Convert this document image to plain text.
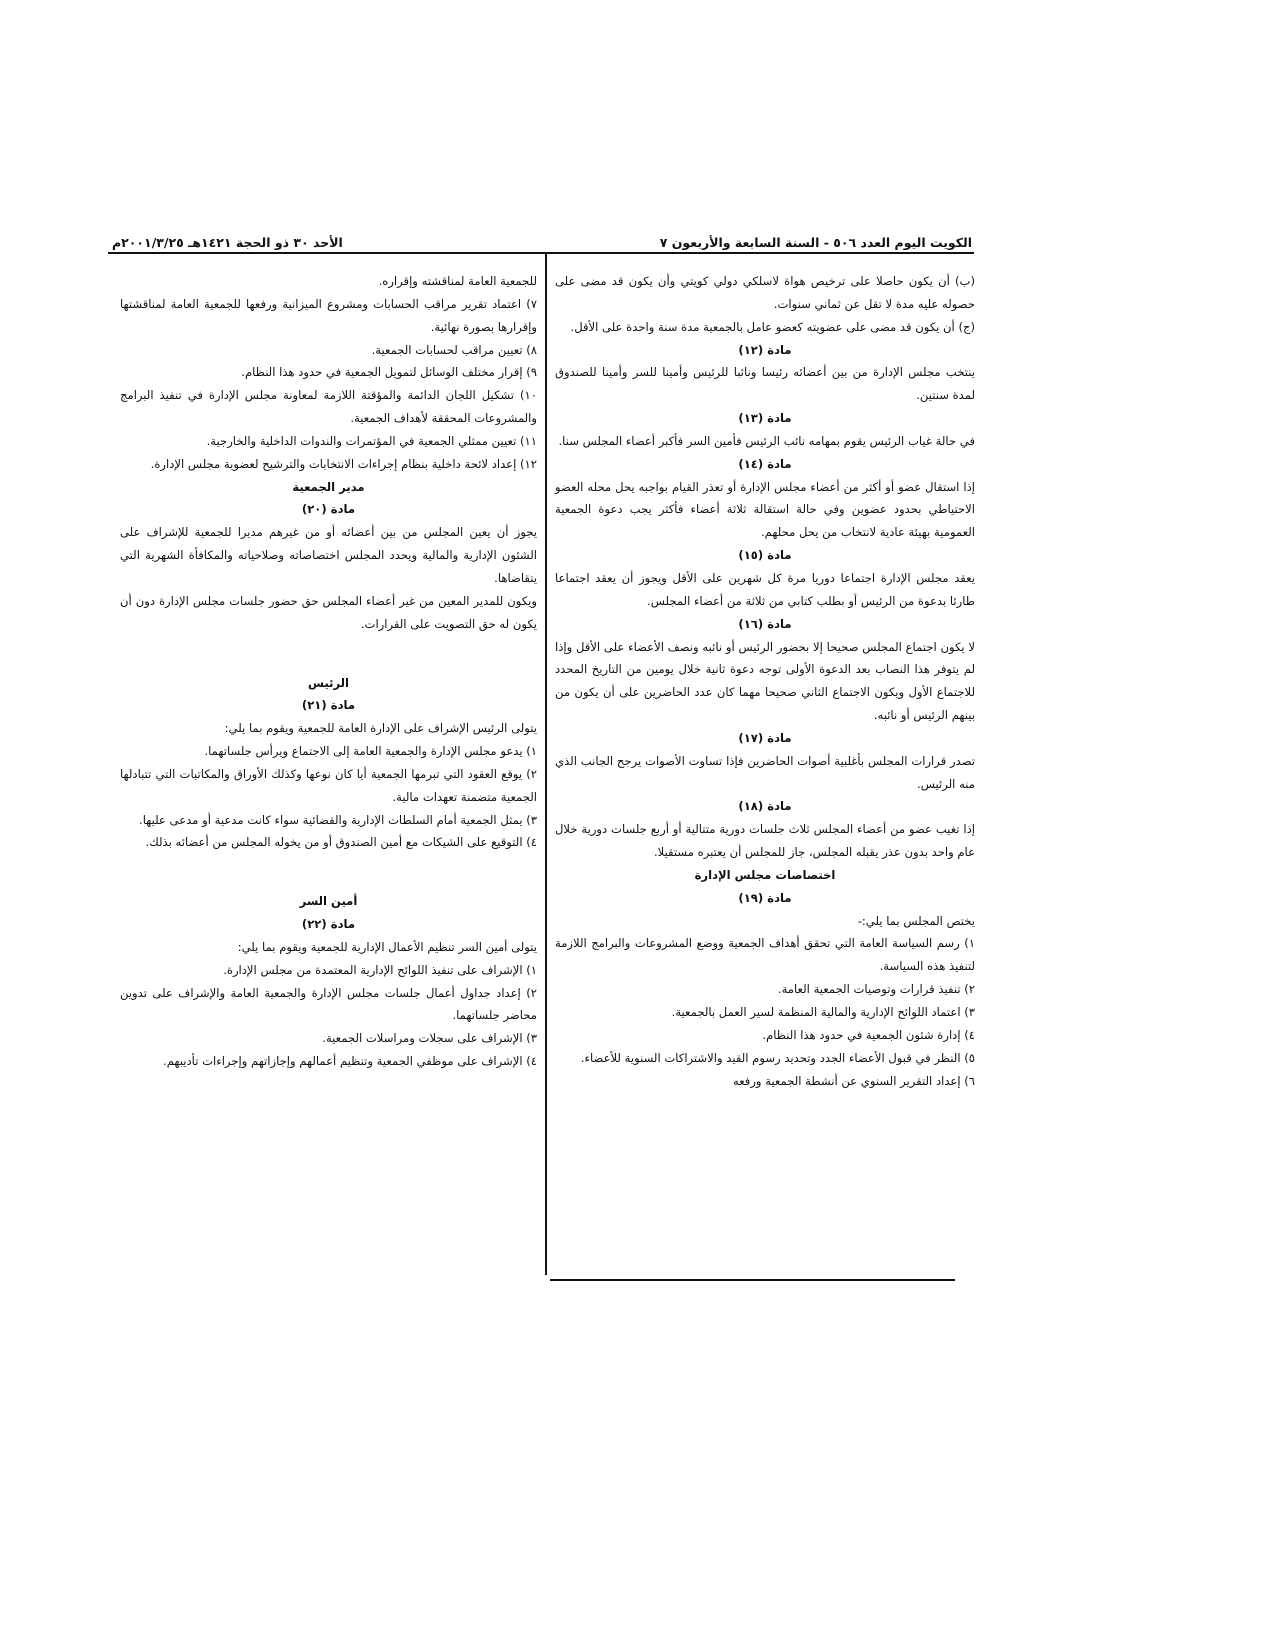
الكويت اليوم العدد ٥٠٦ - السنة السابعة والأربعون ٧
الأحد ٣٠ ذو الحجة ١٤٢١هـ ٢٠٠١/٣/٢٥م

(ب) أن يكون حاصلا على ترخيص هواة لاسلكي دولي كويتي وأن يكون قد مضى على حصوله عليه مدة لا تقل عن ثماني سنوات.

(ج) أن يكون قد مضى على عضويته كعضو عامل بالجمعية مدة سنة واحدة على الأقل.

مادة (١٢)

ينتخب مجلس الإدارة من بين أعضائه رئيسا ونائبا للرئيس وأمينا للسر وأمينا للصندوق لمدة سنتين.

مادة (١٣)

في حالة غياب الرئيس يقوم بمهامه نائب الرئيس فأمين السر فأكبر أعضاء المجلس سنا.

مادة (١٤)

إذا استقال عضو أو أكثر من أعضاء مجلس الإدارة أو تعذر القيام بواجبه يحل محله العضو الاحتياطي بحدود عضوين وفي حالة استقالة ثلاثة أعضاء فأكثر يجب دعوة الجمعية العمومية بهيئة عادية لانتخاب من يحل محلهم.

مادة (١٥)

يعقد مجلس الإدارة اجتماعا دوريا مرة كل شهرين على الأقل ويجوز أن يعقد اجتماعا طارئا بدعوة من الرئيس أو بطلب كتابي من ثلاثة من أعضاء المجلس.

مادة (١٦)

لا يكون اجتماع المجلس صحيحا إلا بحضور الرئيس أو نائبه ونصف الأعضاء على الأقل وإذا لم يتوفر هذا النصاب بعد الدعوة الأولى توجه دعوة ثانية خلال يومين من التاريخ المحدد للاجتماع الأول ويكون الاجتماع الثاني صحيحا مهما كان عدد الحاضرين على أن يكون من بينهم الرئيس أو نائبه.

مادة (١٧)

تصدر قرارات المجلس بأغلبية أصوات الحاضرين فإذا تساوت الأصوات يرجح الجانب الذي منه الرئيس.

مادة (١٨)

إذا تغيب عضو من أعضاء المجلس ثلاث جلسات دورية متتالية أو أربع جلسات دورية خلال عام واحد بدون عذر يقبله المجلس، جاز للمجلس أن يعتبره مستقيلا.

اختصاصات مجلس الإدارة

مادة (١٩)

يختص المجلس بما يلي:-

١) رسم السياسة العامة التي تحقق أهداف الجمعية ووضع المشروعات والبرامج اللازمة لتنفيذ هذه السياسة.

٢) تنفيذ قرارات وتوصيات الجمعية العامة.

٣) اعتماد اللوائح الإدارية والمالية المنظمة لسير العمل بالجمعية.

٤) إدارة شئون الجمعية في حدود هذا النظام.

٥) النظر في قبول الأعضاء الجدد وتحديد رسوم القيد والاشتراكات السنوية للأعضاء.

٦) إعداد التقرير السنوي عن أنشطة الجمعية ورفعه

للجمعية العامة لمناقشته وإقراره.

٧) اعتماد تقرير مراقب الحسابات ومشروع الميزانية ورفعها للجمعية العامة لمناقشتها وإقرارها بصورة نهائية.

٨) تعيين مراقب لحسابات الجمعية.

٩) إقرار مختلف الوسائل لتمويل الجمعية في حدود هذا النظام.

١٠) تشكيل اللجان الدائمة والمؤقتة اللازمة لمعاونة مجلس الإدارة في تنفيذ البرامج والمشروعات المحققة لأهداف الجمعية.

١١) تعيين ممثلي الجمعية في المؤتمرات والندوات الداخلية والخارجية.

١٢) إعداد لائحة داخلية بنظام إجراءات الانتخابات والترشيح لعضوية مجلس الإدارة.

مدير الجمعية

مادة (٢٠)

يجوز أن يعين المجلس من بين أعضائه أو من غيرهم مديرا للجمعية للإشراف على الشئون الإدارية والمالية ويحدد المجلس اختصاصاته وصلاحياته والمكافأة الشهرية التي يتقاضاها.

ويكون للمدير المعين من غير أعضاء المجلس حق حضور جلسات مجلس الإدارة دون أن يكون له حق التصويت على القرارات.

الرئيس

مادة (٢١)

يتولى الرئيس الإشراف على الإدارة العامة للجمعية ويقوم بما يلي:

١) يدعو مجلس الإدارة والجمعية العامة إلى الاجتماع ويرأس جلساتهما.

٢) يوقع العقود التي تبرمها الجمعية أيا كان نوعها وكذلك الأوراق والمكاتبات التي تتبادلها الجمعية متضمنة تعهدات مالية.

٣) يمثل الجمعية أمام السلطات الإدارية والقضائية سواء كانت مدعية أو مدعى عليها.

٤) التوقيع على الشيكات مع أمين الصندوق أو من يخوله المجلس من أعضائه بذلك.

أمين السر

مادة (٢٢)

يتولى أمين السر تنظيم الأعمال الإدارية للجمعية ويقوم بما يلي:

١) الإشراف على تنفيذ اللوائح الإدارية المعتمدة من مجلس الإدارة.

٢) إعداد جداول أعمال جلسات مجلس الإدارة والجمعية العامة والإشراف على تدوين محاضر جلساتهما.

٣) الإشراف على سجلات ومراسلات الجمعية.

٤) الإشراف على موظفي الجمعية وتنظيم أعمالهم وإجازاتهم وإجراءات تأديبهم.
